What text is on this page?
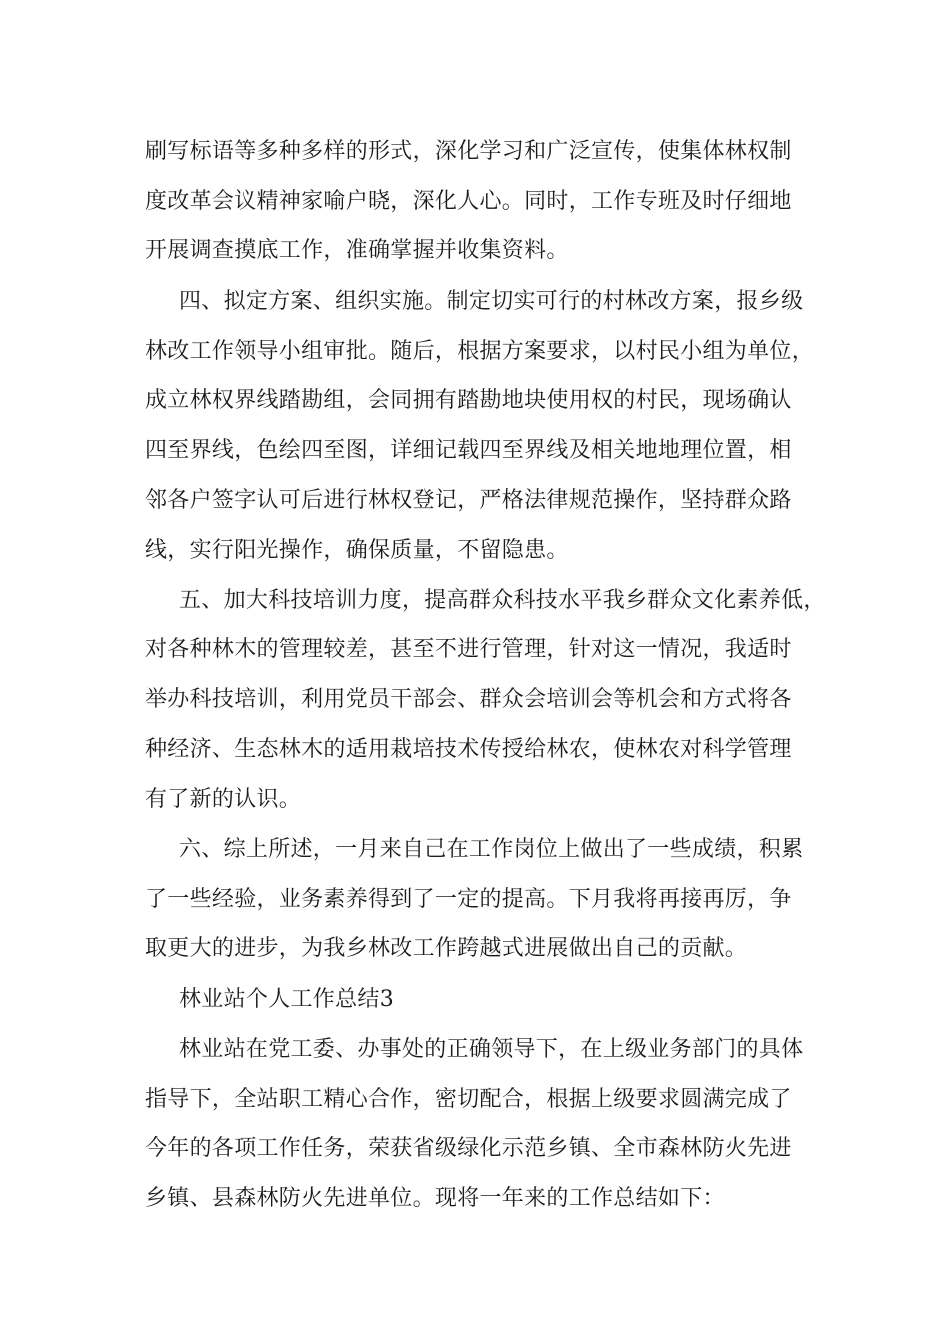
刷写标语等多种多样的形式，深化学习和广泛宣传，使集体林权制
度改革会议精神家喻户晓，深化人心。同时，工作专班及时仔细地
开展调查摸底工作，准确掌握并收集资料。
四、拟定方案、组织实施。制定切实可行的村林改方案，报乡级
林改工作领导小组审批。随后，根据方案要求，以村民小组为单位，
成立林权界线踏勘组，会同拥有踏勘地块使用权的村民，现场确认
四至界线，色绘四至图，详细记载四至界线及相关地地理位置，相
邻各户签字认可后进行林权登记，严格法律规范操作，坚持群众路
线，实行阳光操作，确保质量，不留隐患。
五、加大科技培训力度，提高群众科技水平我乡群众文化素养低，
对各种林木的管理较差，甚至不进行管理，针对这一情况，我适时
举办科技培训，利用党员干部会、群众会培训会等机会和方式将各
种经济、生态林木的适用栽培技术传授给林农，使林农对科学管理
有了新的认识。
六、综上所述，一月来自己在工作岗位上做出了一些成绩，积累
了一些经验，业务素养得到了一定的提高。下月我将再接再厉，争
取更大的进步，为我乡林改工作跨越式进展做出自己的贡献。
林业站个人工作总结3
林业站在党工委、办事处的正确领导下，在上级业务部门的具体
指导下，全站职工精心合作，密切配合，根据上级要求圆满完成了
今年的各项工作任务，荣获省级绿化示范乡镇、全市森林防火先进
乡镇、县森林防火先进单位。现将一年来的工作总结如下：
